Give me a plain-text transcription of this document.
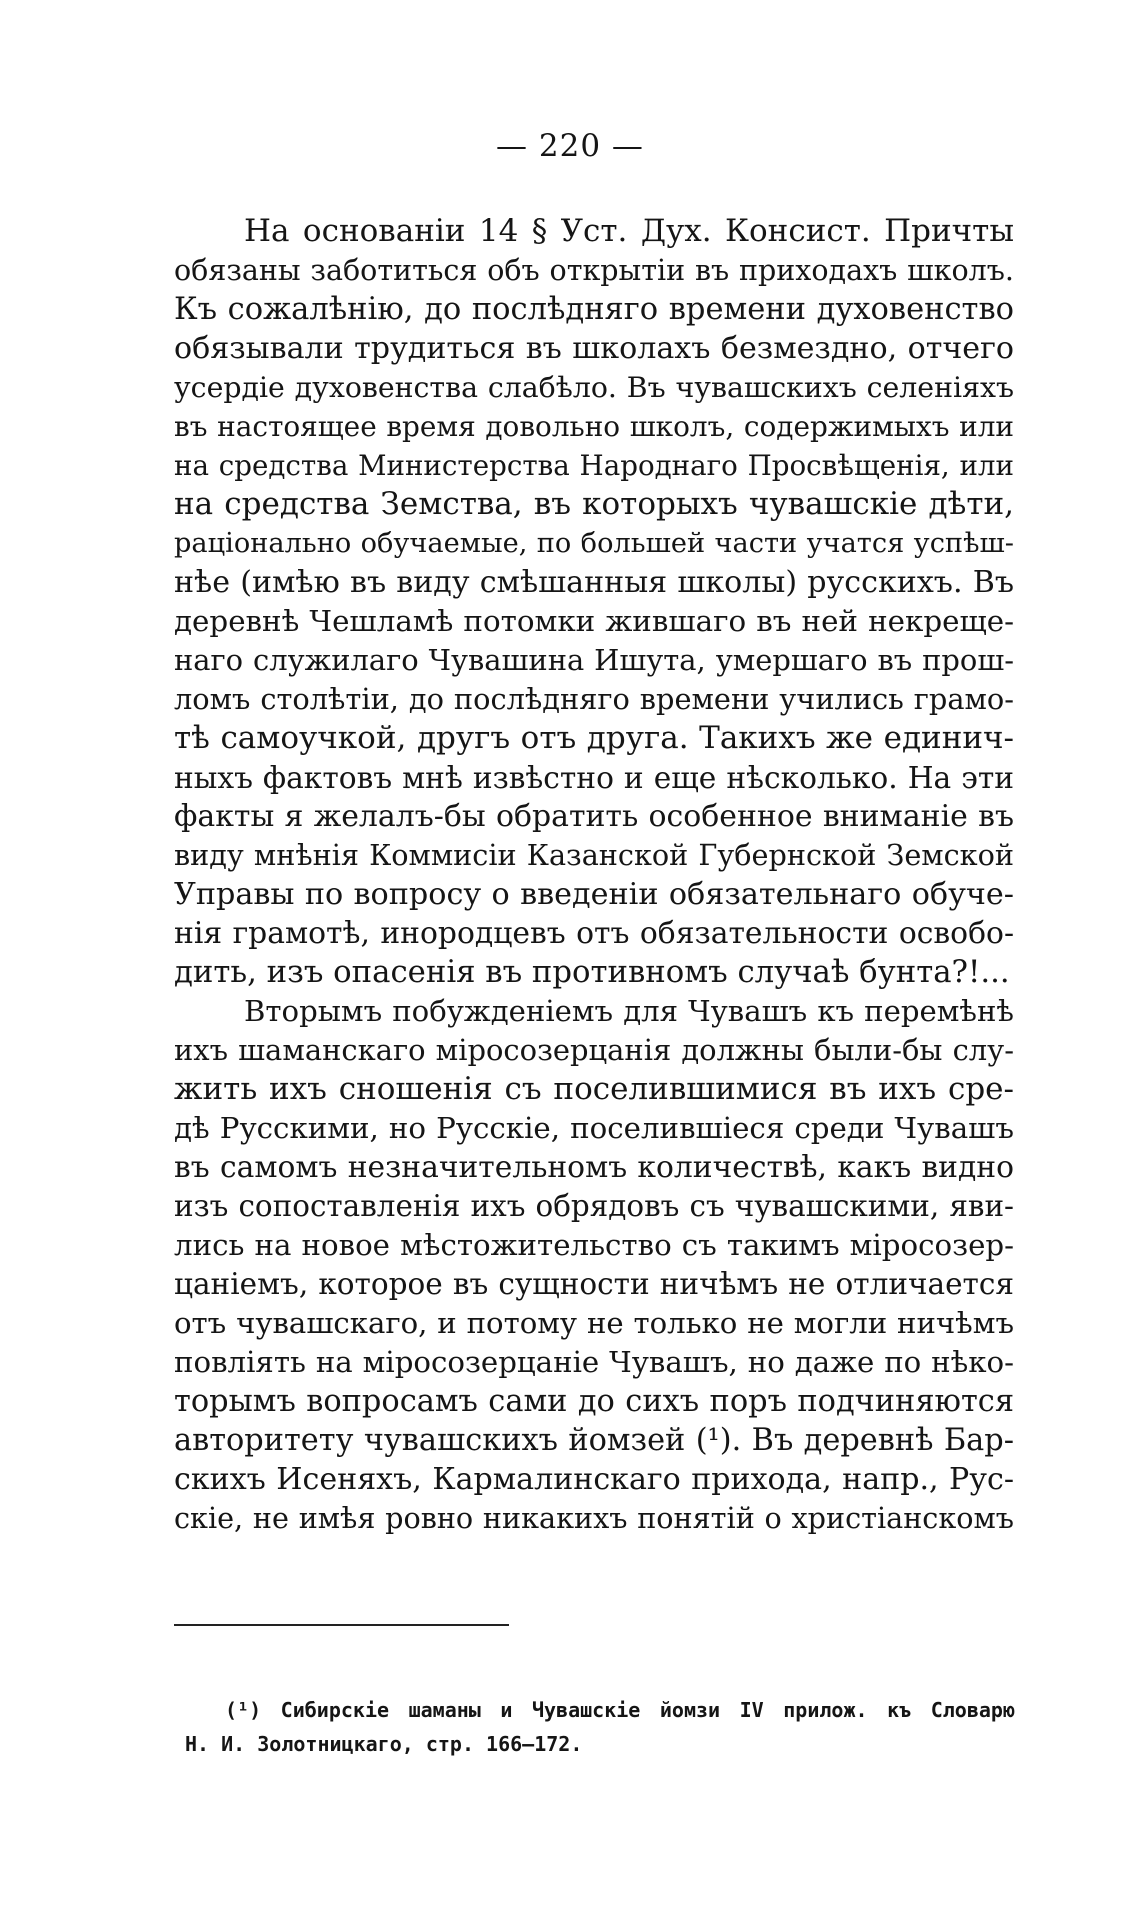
— 220 —
На основаніи 14 § Уст. Дух. Консист. Причты
обязаны заботиться объ открытіи въ приходахъ школъ.
Къ сожалѣнію, до послѣдняго времени духовенство
обязывали трудиться въ школахъ безмездно, отчего
усердіе духовенства слабѣло. Въ чувашскихъ селеніяхъ
въ настоящее время довольно школъ, содержимыхъ или
на средства Министерства Народнаго Просвѣщенія, или
на средства Земства, въ которыхъ чувашскіе дѣти,
раціонально обучаемые, по большей части учатся успѣш-
нѣе (имѣю въ виду смѣшанныя школы) русскихъ. Въ
деревнѣ Чешламѣ потомки жившаго въ ней некреще-
наго служилаго Чувашина Ишута, умершаго въ прош-
ломъ столѣтіи, до послѣдняго времени учились грамо-
тѣ самоучкой, другъ отъ друга. Такихъ же единич-
ныхъ фактовъ мнѣ извѣстно и еще нѣсколько. На эти
факты я желалъ-бы обратить особенное вниманіе въ
виду мнѣнія Коммисіи Казанской Губернской Земской
Управы по вопросу о введеніи обязательнаго обуче-
нія грамотѣ, инородцевъ отъ обязательности освобо-
дить, изъ опасенія въ противномъ случаѣ бунта?!...
Вторымъ побужденіемъ для Чувашъ къ перемѣнѣ
ихъ шаманскаго міросозерцанія должны были-бы слу-
жить ихъ сношенія съ поселившимися въ ихъ сре-
дѣ Русскими, но Русскіе, поселившіеся среди Чувашъ
въ самомъ незначительномъ количествѣ, какъ видно
изъ сопоставленія ихъ обрядовъ съ чувашскими, яви-
лись на новое мѣстожительство съ такимъ міросозер-
цаніемъ, которое въ сущности ничѣмъ не отличается
отъ чувашскаго, и потому не только не могли ничѣмъ
повліять на міросозерцаніе Чувашъ, но даже по нѣко-
торымъ вопросамъ сами до сихъ поръ подчиняются
авторитету чувашскихъ йомзей (¹). Въ деревнѣ Бар-
скихъ Исеняхъ, Кармалинскаго прихода, напр., Рус-
скіе, не имѣя ровно никакихъ понятій о христіанскомъ
(¹) Сибирскіе шаманы и Чувашскіе йомзи IV прилож. къ Словарю
Н. И. Золотницкаго, стр. 166—172.
